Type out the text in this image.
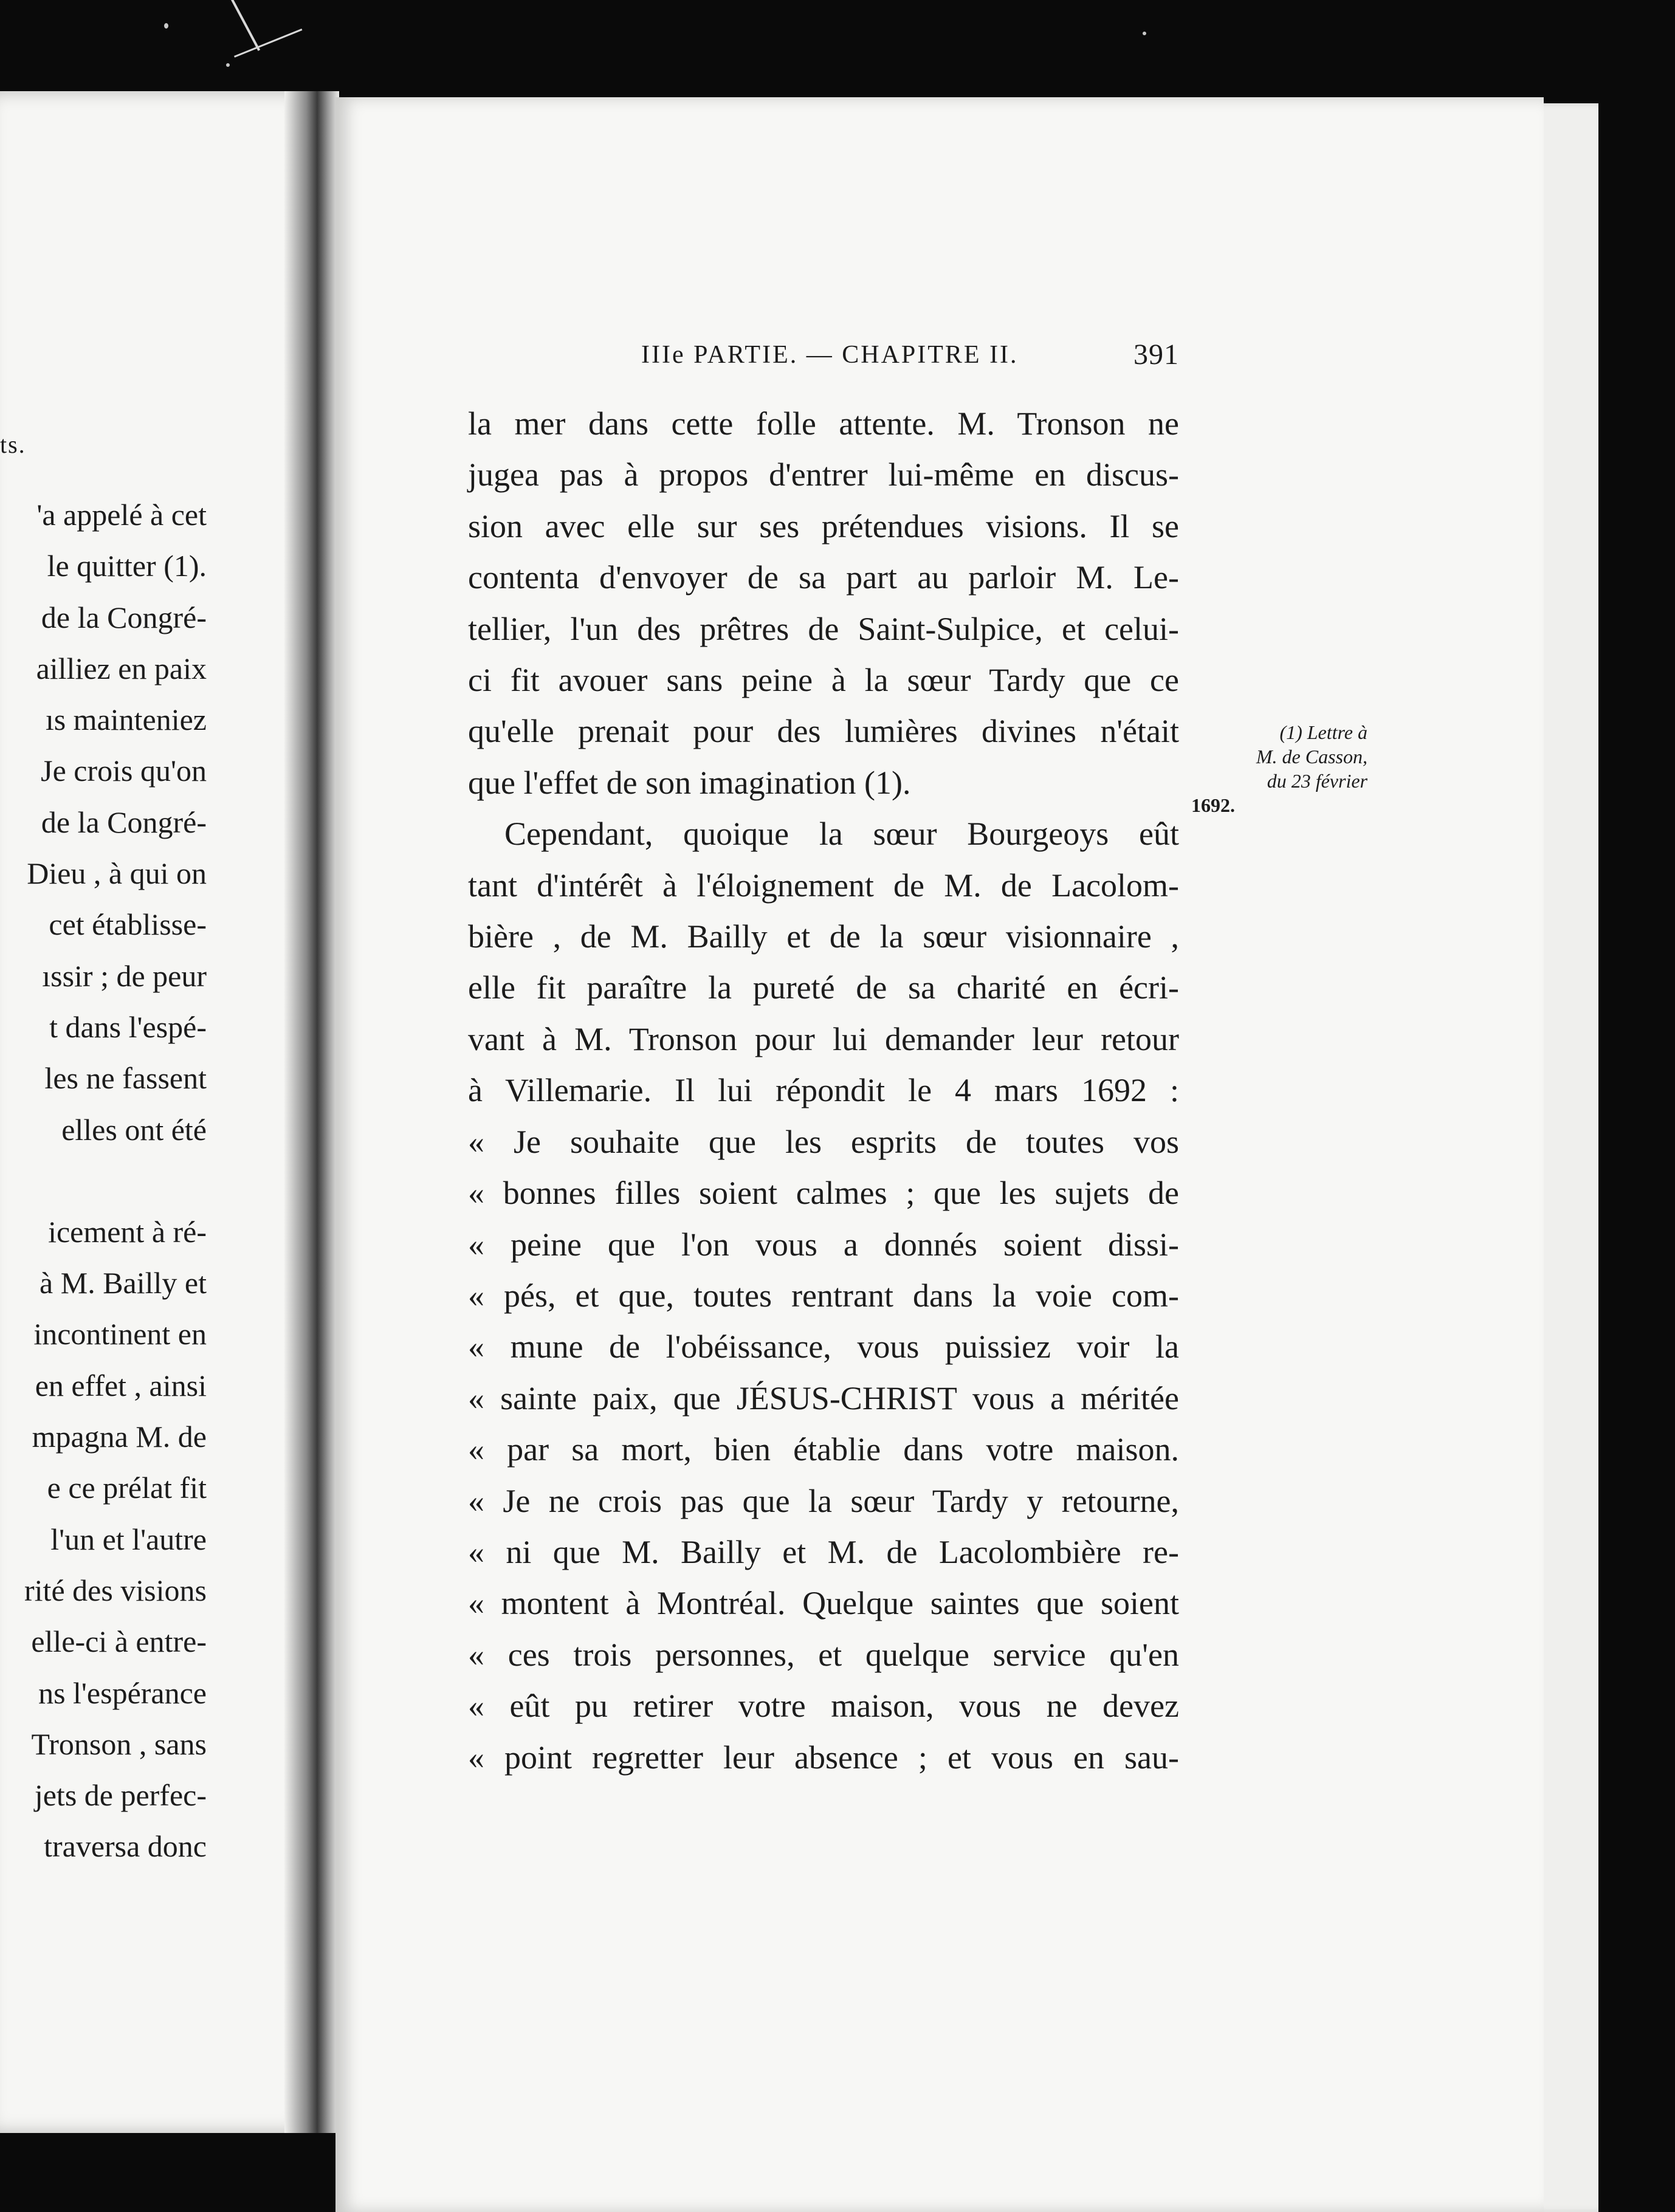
ts.
'a appelé à cet
le quitter (1).
de la Congré-
ailliez en paix
ıs mainteniez
Je crois qu'on
de la Congré-
Dieu , à qui on
cet établisse-
ıssir ; de peur
t dans l'espé-
les ne fassent
elles ont été
icement à ré-
à M. Bailly et
incontinent en
en effet , ainsi
mpagna M. de
e ce prélat fit
l'un et l'autre
rité des visions
elle-ci à entre-
ns l'espérance
Tronson , sans
jets de perfec-
traversa donc
IIIe PARTIE. — CHAPITRE II.	391
la mer dans cette folle attente. M. Tronson ne
jugea pas à propos d'entrer lui-même en discus-
sion avec elle sur ses prétendues visions. Il se
contenta d'envoyer de sa part au parloir M. Le-
tellier, l'un des prêtres de Saint-Sulpice, et celui-
ci fit avouer sans peine à la sœur Tardy que ce
qu'elle prenait pour des lumières divines n'était
que l'effet de son imagination (1).
Cependant, quoique la sœur Bourgeoys eût
tant d'intérêt à l'éloignement de M. de Lacolom-
bière , de M. Bailly et de la sœur visionnaire ,
elle fit paraître la pureté de sa charité en écri-
vant à M. Tronson pour lui demander leur retour
à Villemarie. Il lui répondit le 4 mars 1692 :
« Je souhaite que les esprits de toutes vos
« bonnes filles soient calmes ; que les sujets de
« peine que l'on vous a donnés soient dissi-
« pés, et que, toutes rentrant dans la voie com-
« mune de l'obéissance, vous puissiez voir la
« sainte paix, que JÉSUS-CHRIST vous a méritée
« par sa mort, bien établie dans votre maison.
« Je ne crois pas que la sœur Tardy y retourne,
« ni que M. Bailly et M. de Lacolombière re-
« montent à Montréal. Quelque saintes que soient
« ces trois personnes, et quelque service qu'en
« eût pu retirer votre maison, vous ne devez
« point regretter leur absence ; et vous en sau-
(1) Lettre à
M. de Casson,
du 23 février
1692.
